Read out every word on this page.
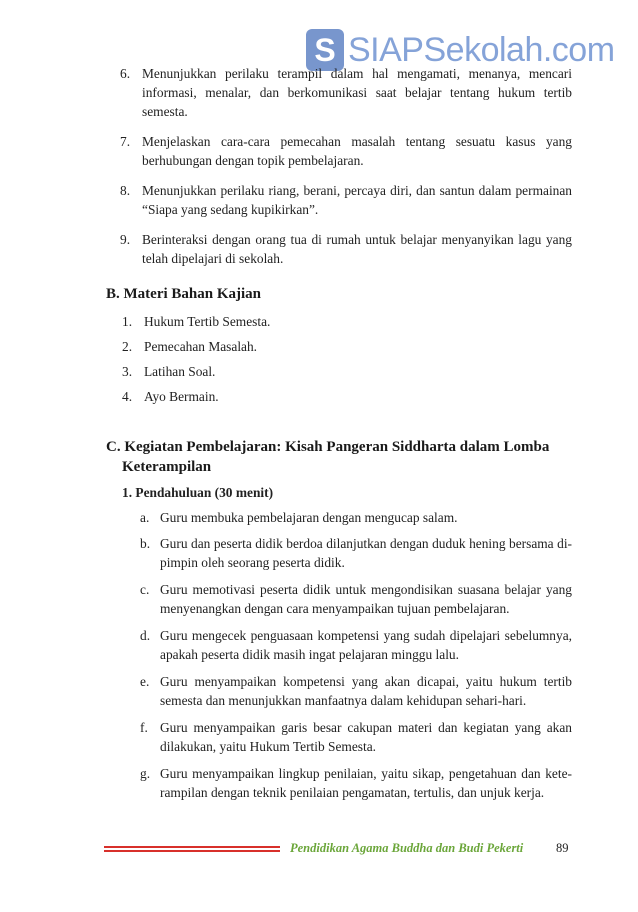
S SIAPSekolah.com
6. Menunjukkan perilaku terampil dalam hal mengamati, menanya, mencari informasi, menalar, dan berkomunikasi saat belajar tentang hukum tertib semesta.
7. Menjelaskan cara-cara pemecahan masalah tentang sesuatu kasus yang berhubungan dengan topik pembelajaran.
8. Menunjukkan perilaku riang, berani, percaya diri, dan santun dalam permainan “Siapa yang sedang kupikirkan”.
9. Berinteraksi dengan orang tua di rumah untuk belajar menyanyikan lagu yang telah dipelajari di sekolah.
B. Materi Bahan Kajian
1. Hukum Tertib Semesta.
2. Pemecahan Masalah.
3. Latihan Soal.
4. Ayo Bermain.
C. Kegiatan Pembelajaran: Kisah Pangeran Siddharta dalam Lomba
Keterampilan
1. Pendahuluan (30 menit)
a. Guru membuka pembelajaran dengan mengucap salam.
b. Guru dan peserta didik berdoa dilanjutkan dengan duduk hening bersama di-pimpin oleh seorang peserta didik.
c. Guru memotivasi peserta didik untuk mengondisikan suasana belajar yang menyenangkan dengan cara menyampaikan tujuan pembelajaran.
d. Guru mengecek penguasaan kompetensi yang sudah dipelajari sebelumnya, apakah peserta didik masih ingat pelajaran minggu lalu.
e. Guru menyampaikan kompetensi yang akan dicapai, yaitu hukum tertib semesta dan menunjukkan manfaatnya dalam kehidupan sehari-hari.
f. Guru menyampaikan garis besar cakupan materi dan kegiatan yang akan dilakukan, yaitu Hukum Tertib Semesta.
g. Guru menyampaikan lingkup penilaian, yaitu sikap, pengetahuan dan kete-rampilan dengan teknik penilaian pengamatan, tertulis, dan unjuk kerja.
Pendidikan Agama Buddha dan Budi Pekerti	89
